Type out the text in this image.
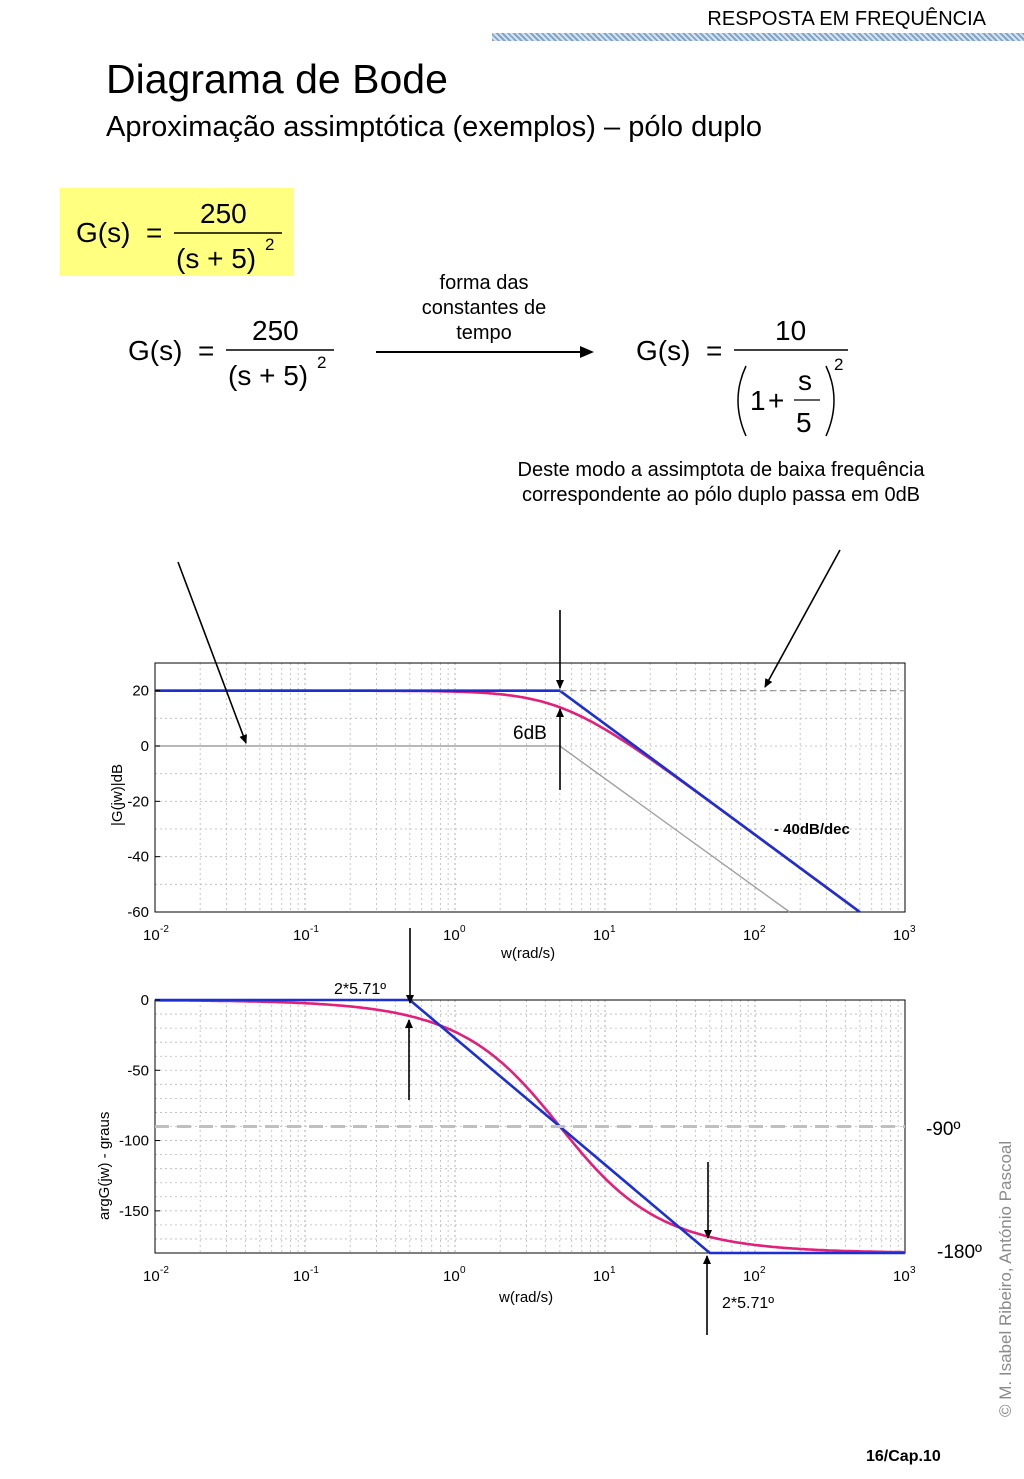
RESPOSTA EM FREQUÊNCIA
Diagrama de Bode
Aproximação assimptótica (exemplos) – pólo duplo
G(s) =
250
(s + 5) 2
G(s) =
250
(s + 5) 2
forma das
constantes de
tempo
G(s) =
10
1 +
s
5
2
Deste modo a assimptota de baixa frequência
correspondente ao pólo duplo passa em 0dB
20
0
-20
-40
-60
10 -2	10 -1	10 0	10 1	10 2	10 3
w(rad/s)
|G(jw)|dB
0
-50
-100
-150
10 -2	10 -1	10 0	10 1	10 2	10 3
w(rad/s)
argG(jw) - graus
6dB
- 40dB/dec
2*5.71º
2*5.71º
-90º
-180º © M. Isabel Ribeiro, António Pascoal
16/Cap.10
